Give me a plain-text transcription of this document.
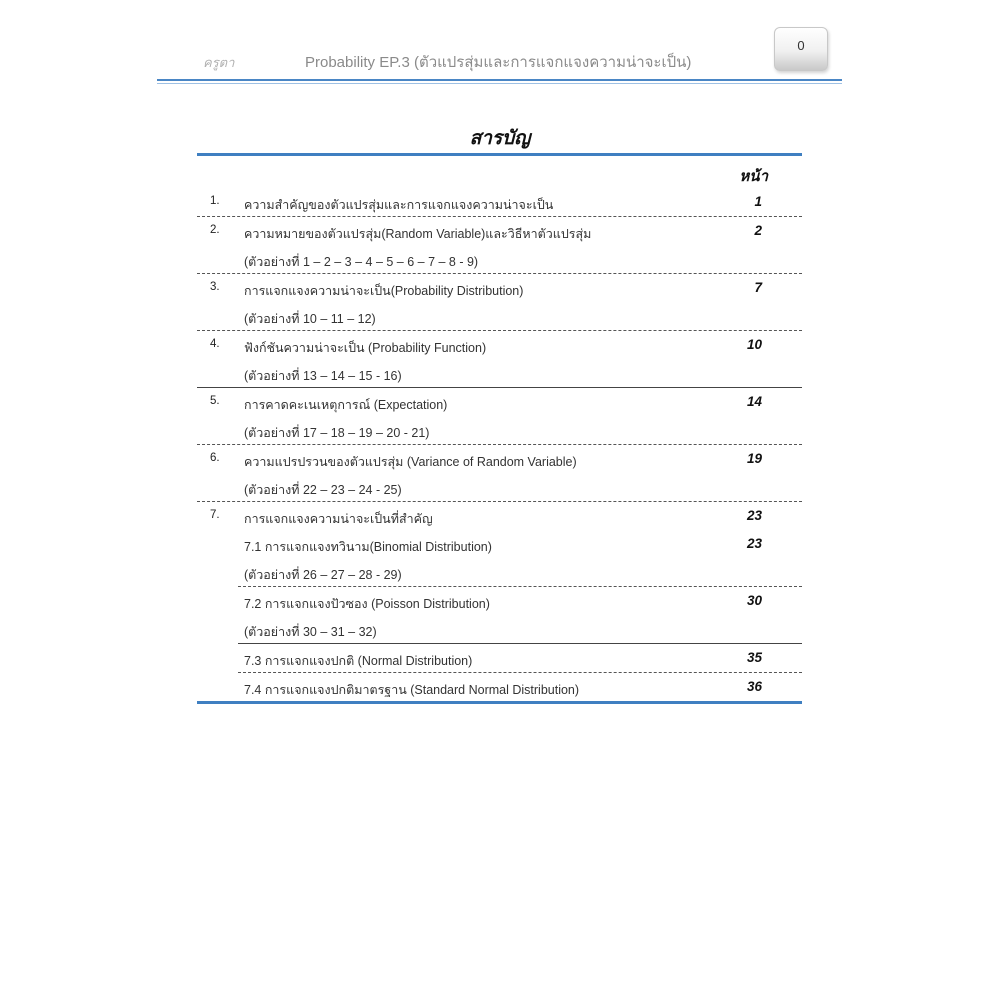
ครูตา	Probability EP.3 (ตัวแปรสุ่มและการแจกแจงความน่าจะเป็น)
0
สารบัญ
หน้า
1. ความสำคัญของตัวแปรสุ่มและการแจกแจงความน่าจะเป็น	1
2. ความหมายของตัวแปรสุ่ม(Random Variable)และวิธีหาตัวแปรสุ่ม	2
(ตัวอย่างที่ 1 – 2 – 3 – 4 – 5 – 6 – 7 – 8 - 9)
3. การแจกแจงความน่าจะเป็น(Probability Distribution)	7
(ตัวอย่างที่ 10 – 11 – 12)
4. ฟังก์ชันความน่าจะเป็น (Probability Function)	10
(ตัวอย่างที่ 13 – 14 – 15 - 16)
5. การคาดคะเนเหตุการณ์ (Expectation)	14
(ตัวอย่างที่ 17 – 18 – 19 – 20 - 21)
6. ความแปรปรวนของตัวแปรสุ่ม (Variance of Random Variable)	19
(ตัวอย่างที่ 22 – 23 – 24 - 25)
7. การแจกแจงความน่าจะเป็นที่สำคัญ	23
7.1 การแจกแจงทวินาม(Binomial Distribution)	23
(ตัวอย่างที่ 26 – 27 – 28 - 29)
7.2 การแจกแจงปัวซอง (Poisson Distribution)	30
(ตัวอย่างที่ 30 – 31 – 32)
7.3 การแจกแจงปกติ (Normal Distribution)	35
7.4 การแจกแจงปกติมาตรฐาน (Standard Normal Distribution)	36
